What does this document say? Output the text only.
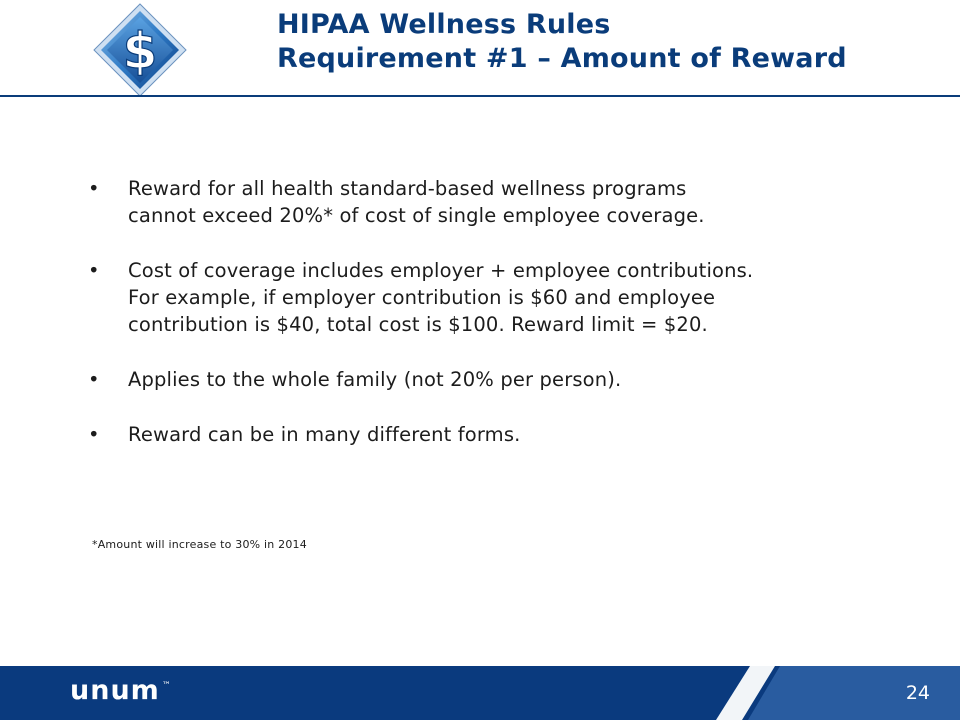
$	HIPAA Wellness Rules
Requirement #1 – Amount of Reward
•	Reward for all health standard-based wellness programs
cannot exceed 20%* of cost of single employee coverage.
•	Cost of coverage includes employer + employee contributions.
For example, if employer contribution is $60 and employee
contribution is $40, total cost is $100. Reward limit = $20.
•	Applies to the whole family (not 20% per person).
•	Reward can be in many different forms.
*Amount will increase to 30% in 2014
unum ™	24
